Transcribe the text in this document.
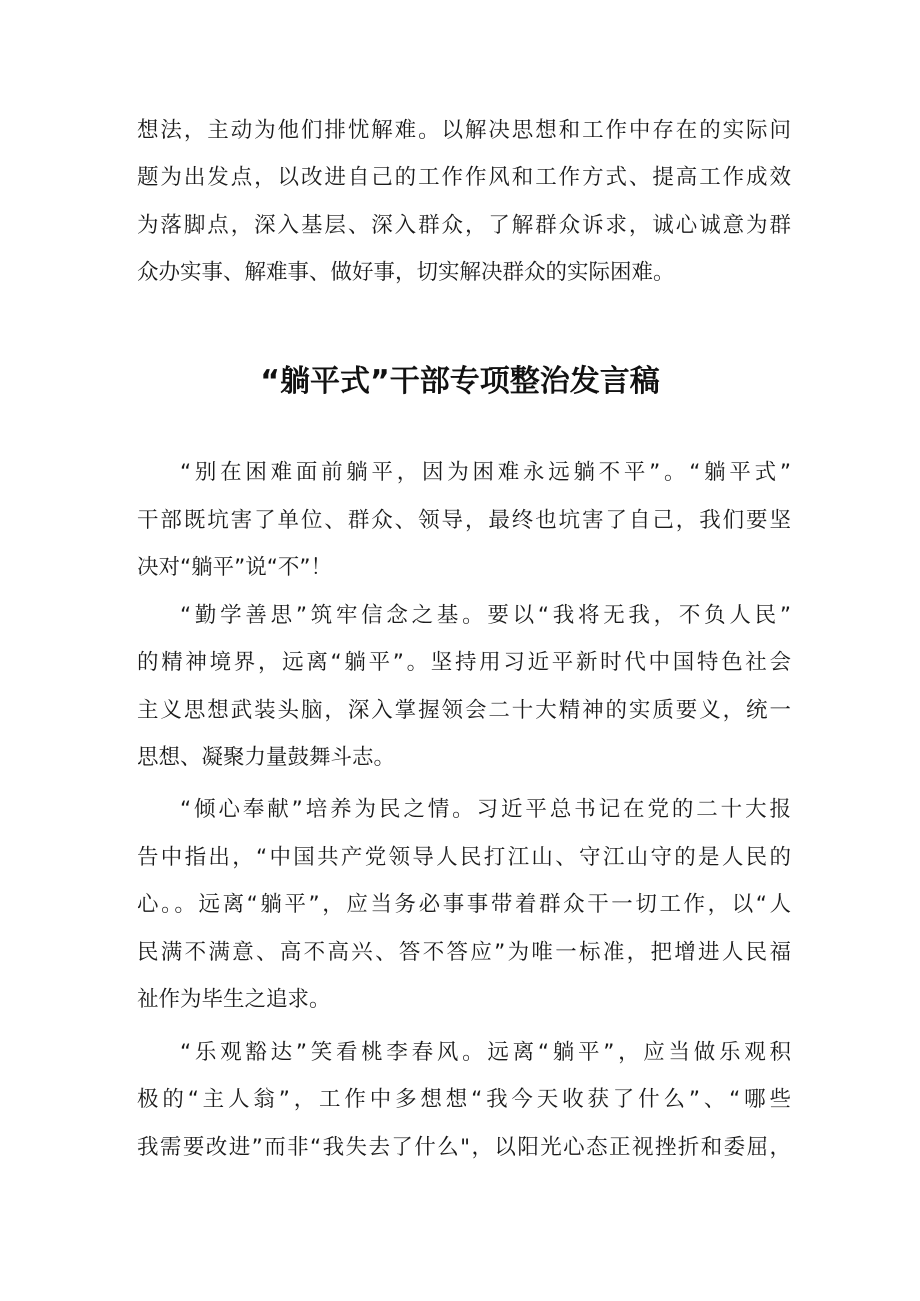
想法，主动为他们排忧解难。以解决思想和工作中存在的实际问
题为出发点，以改进自己的工作作风和工作方式、提高工作成效
为落脚点，深入基层、深入群众，了解群众诉求，诚心诚意为群
众办实事、解难事、做好事，切实解决群众的实际困难。
“躺平式”干部专项整治发言稿
“别在困难面前躺平，因为困难永远躺不平”。“躺平式”
干部既坑害了单位、群众、领导，最终也坑害了自己，我们要坚
决对“躺平”说“不”！
“勤学善思”筑牢信念之基。要以“我将无我，不负人民”
的精神境界，远离“躺平”。坚持用习近平新时代中国特色社会
主义思想武装头脑，深入掌握领会二十大精神的实质要义，统一
思想、凝聚力量鼓舞斗志。
“倾心奉献”培养为民之情。习近平总书记在党的二十大报
告中指出，“中国共产党领导人民打江山、守江山守的是人民的
心。。远离“躺平”，应当务必事事带着群众干一切工作，以“人
民满不满意、高不高兴、答不答应”为唯一标准，把增进人民福
祉作为毕生之追求。
“乐观豁达”笑看桃李春风。远离“躺平”，应当做乐观积
极的“主人翁”，工作中多想想“我今天收获了什么”、“哪些
我需要改进”而非“我失去了什么"，以阳光心态正视挫折和委屈，
